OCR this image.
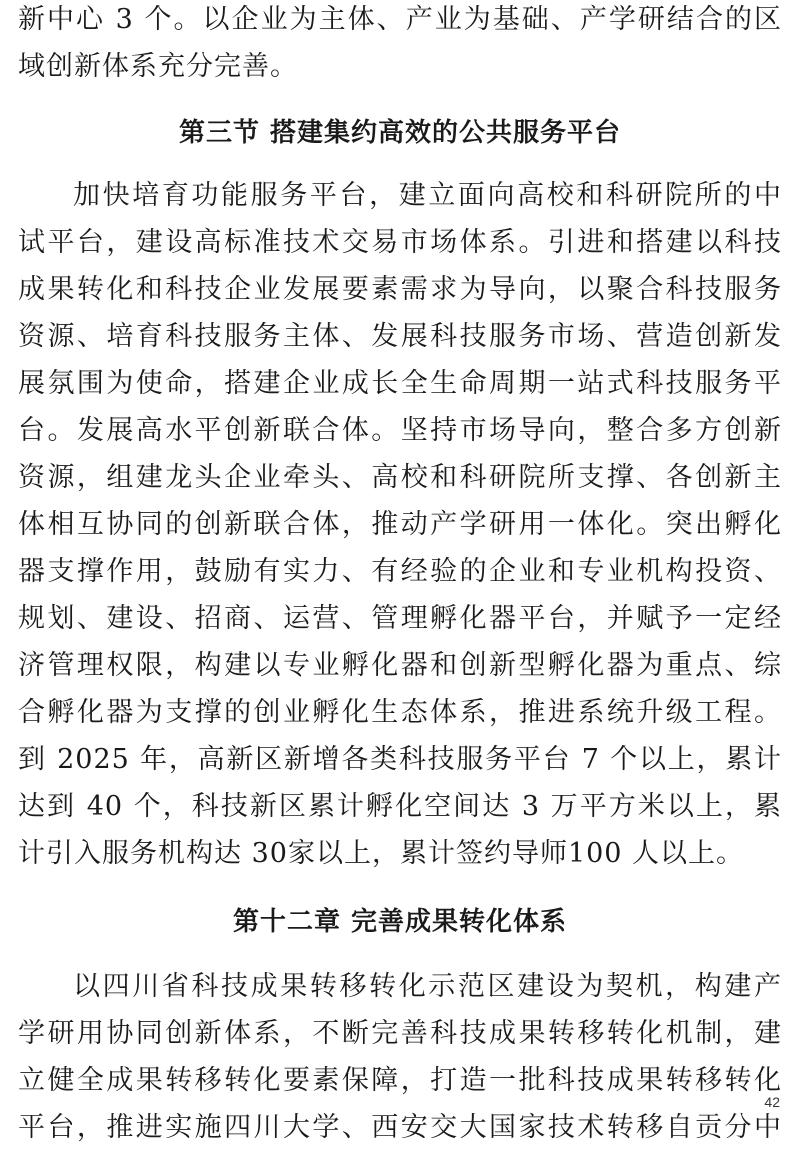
新中心 3 个。以企业为主体、产业为基础、产学研结合的区
域创新体系充分完善。
第三节 搭建集约高效的公共服务平台
加快培育功能服务平台，建立面向高校和科研院所的中
试平台，建设高标准技术交易市场体系。引进和搭建以科技
成果转化和科技企业发展要素需求为导向，以聚合科技服务
资源、培育科技服务主体、发展科技服务市场、营造创新发
展氛围为使命，搭建企业成长全生命周期一站式科技服务平
台。发展高水平创新联合体。坚持市场导向，整合多方创新
资源，组建龙头企业牵头、高校和科研院所支撑、各创新主
体相互协同的创新联合体，推动产学研用一体化。突出孵化
器支撑作用，鼓励有实力、有经验的企业和专业机构投资、
规划、建设、招商、运营、管理孵化器平台，并赋予一定经
济管理权限，构建以专业孵化器和创新型孵化器为重点、综
合孵化器为支撑的创业孵化生态体系，推进系统升级工程。
到 2025 年，高新区新增各类科技服务平台 7 个以上，累计
达到 40 个，科技新区累计孵化空间达 3 万平方米以上，累
计引入服务机构达 30家以上，累计签约导师100 人以上。
第十二章 完善成果转化体系
以四川省科技成果转移转化示范区建设为契机，构建产
学研用协同创新体系，不断完善科技成果转移转化机制，建
立健全成果转移转化要素保障，打造一批科技成果转移转化
平台，推进实施四川大学、西安交大国家技术转移自贡分中
42
